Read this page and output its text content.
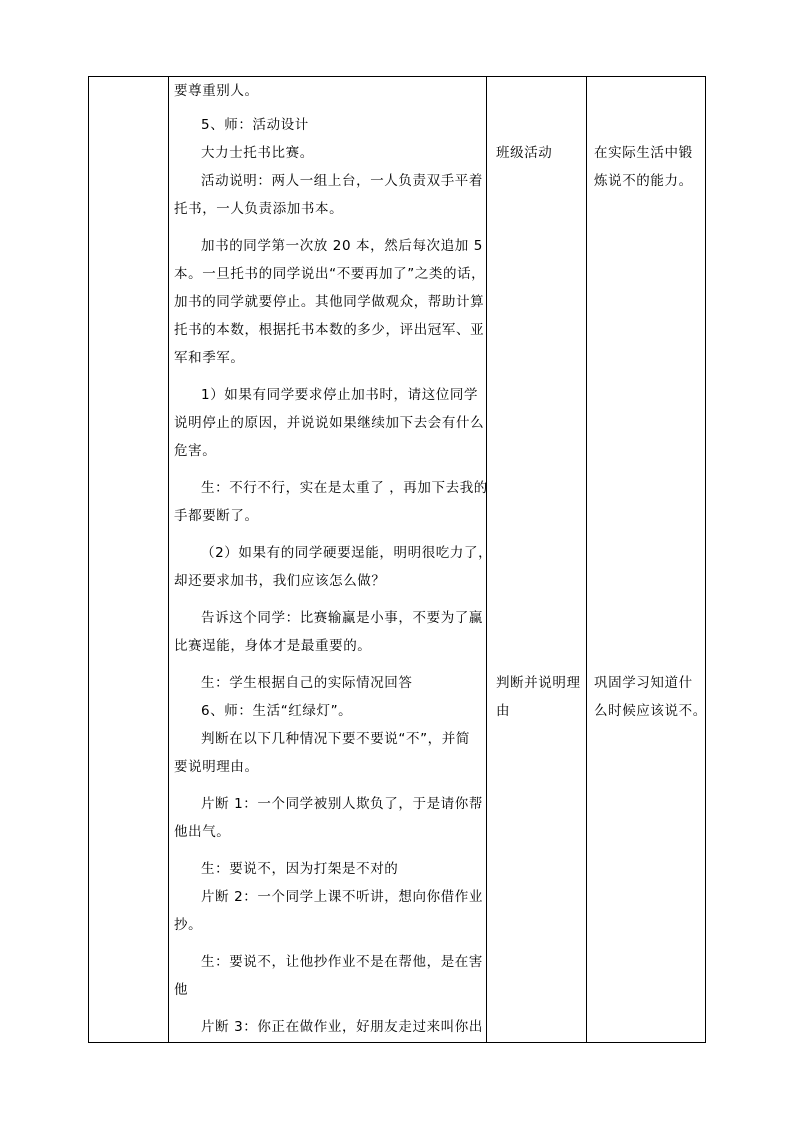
要尊重别人。
5、师：活动设计
大力士托书比赛。
活动说明：两人一组上台，一人负责双手平着
托书，一人负责添加书本。
加书的同学第一次放 20 本，然后每次追加 5
本。一旦托书的同学说出“不要再加了”之类的话，
加书的同学就要停止。其他同学做观众，帮助计算
托书的本数，根据托书本数的多少，评出冠军、亚
军和季军。
1）如果有同学要求停止加书时，请这位同学
说明停止的原因，并说说如果继续加下去会有什么
危害。
生：不行不行，实在是太重了 ，再加下去我的
手都要断了。
（2）如果有的同学硬要逞能，明明很吃力了，
却还要求加书，我们应该怎么做？
告诉这个同学：比赛输赢是小事，不要为了赢
比赛逞能，身体才是最重要的。
生：学生根据自己的实际情况回答
6、师：生活“红绿灯”。
判断在以下几种情况下要不要说“不”，并简
要说明理由。
片断 1：一个同学被别人欺负了，于是请你帮
他出气。
生：要说不，因为打架是不对的
片断 2：一个同学上课不听讲，想向你借作业
抄。
生：要说不，让他抄作业不是在帮他，是在害
他
片断 3：你正在做作业，好朋友走过来叫你出
班级活动
判断并说明理
由
在实际生活中锻
炼说不的能力。
巩固学习知道什
么时候应该说不。
